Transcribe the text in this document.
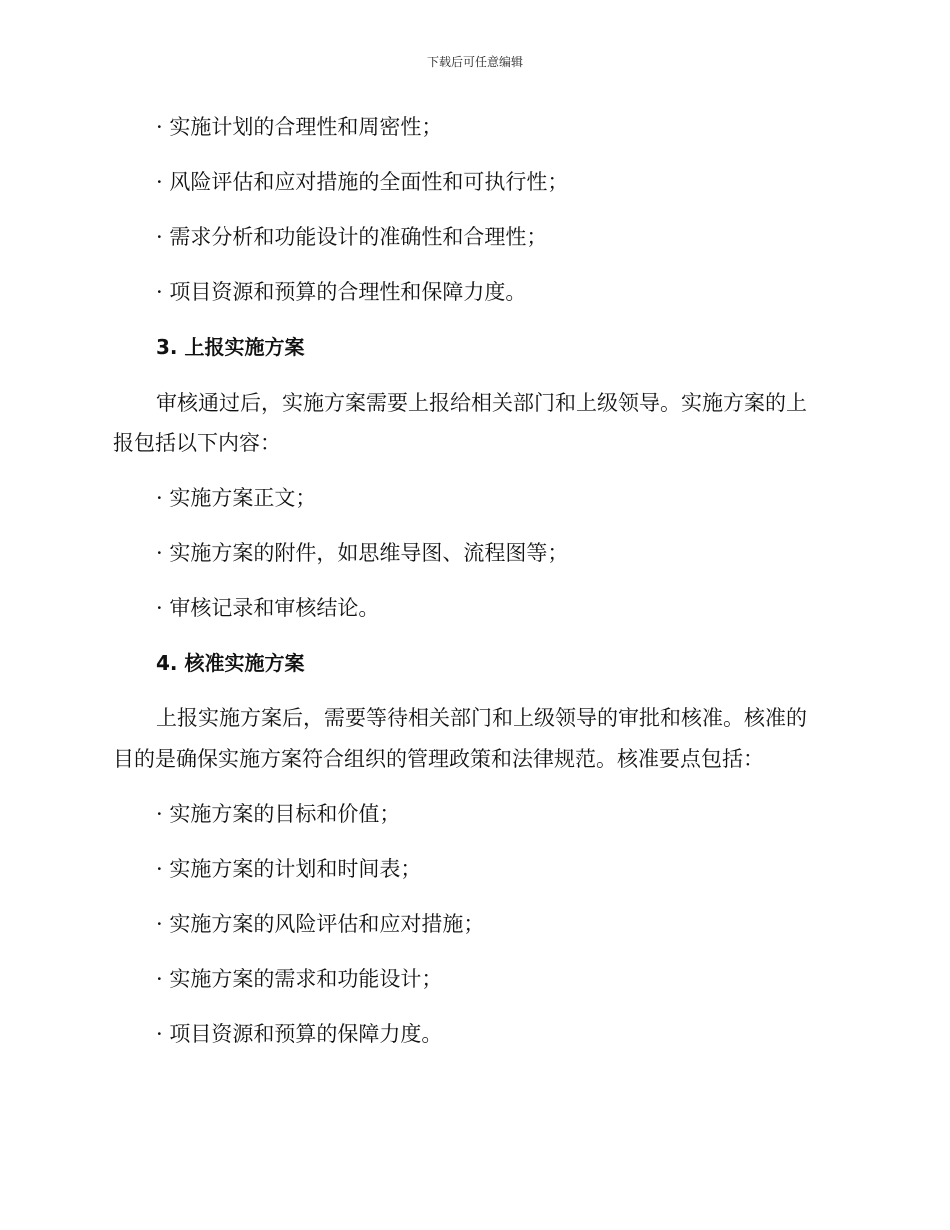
下载后可任意编辑
· 实施计划的合理性和周密性；
· 风险评估和应对措施的全面性和可执行性；
· 需求分析和功能设计的准确性和合理性；
· 项目资源和预算的合理性和保障力度。
3. 上报实施方案
审核通过后，实施方案需要上报给相关部门和上级领导。实施方案的上
报包括以下内容：
· 实施方案正文；
· 实施方案的附件，如思维导图、流程图等；
· 审核记录和审核结论。
4. 核准实施方案
上报实施方案后，需要等待相关部门和上级领导的审批和核准。核准的
目的是确保实施方案符合组织的管理政策和法律规范。核准要点包括：
· 实施方案的目标和价值；
· 实施方案的计划和时间表；
· 实施方案的风险评估和应对措施；
· 实施方案的需求和功能设计；
· 项目资源和预算的保障力度。
